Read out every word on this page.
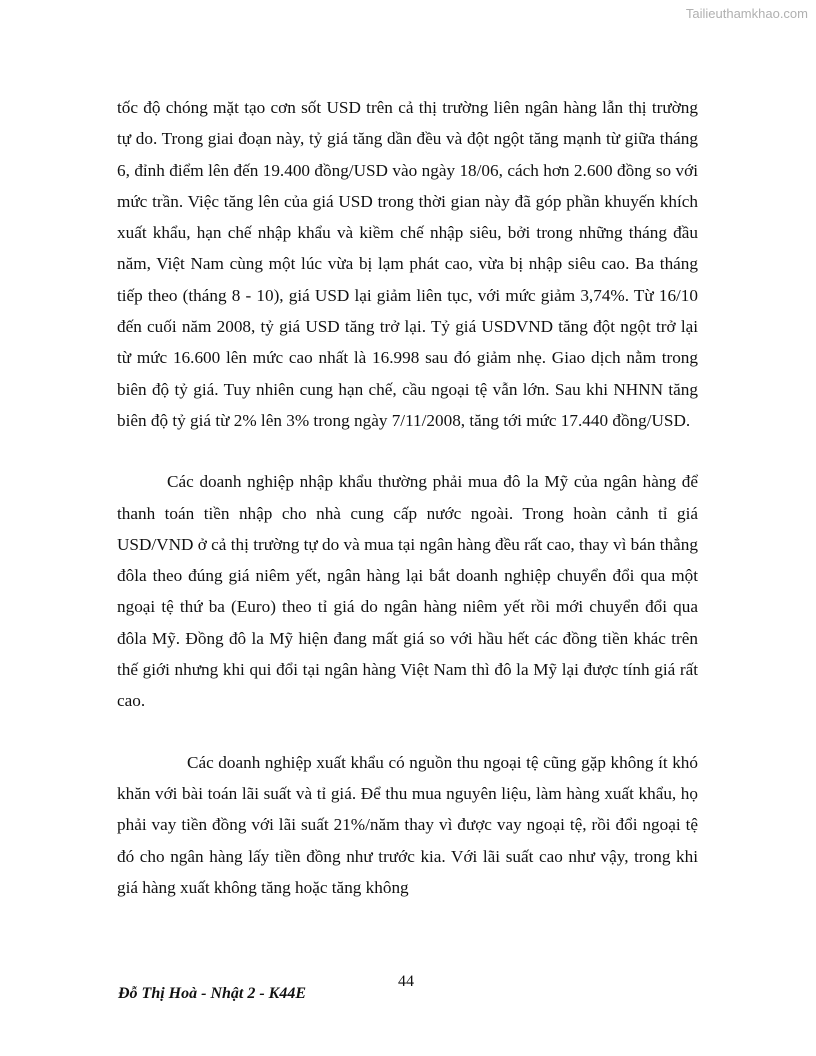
Tailieuthamkhao.com

tốc độ chóng mặt tạo cơn sốt USD trên cả thị trường liên ngân hàng lẫn thị trường tự do. Trong giai đoạn này, tỷ giá tăng dần đều và đột ngột tăng mạnh từ giữa tháng 6, đỉnh điểm lên đến 19.400 đồng/USD vào ngày 18/06, cách hơn 2.600 đồng so với mức trần. Việc tăng lên của giá USD trong thời gian này đã góp phần khuyến khích xuất khẩu, hạn chế nhập khẩu và kiềm chế nhập siêu, bởi trong những tháng đầu năm, Việt Nam cùng một lúc vừa bị lạm phát cao, vừa bị nhập siêu cao. Ba tháng tiếp theo (tháng 8 - 10), giá USD lại giảm liên tục, với mức giảm 3,74%. Từ 16/10 đến cuối năm 2008, tỷ giá USD tăng trở lại. Tỷ giá USDVND tăng đột ngột trở lại từ mức 16.600 lên mức cao nhất là 16.998 sau đó giảm nhẹ. Giao dịch nằm trong biên độ tỷ giá. Tuy nhiên cung hạn chế, cầu ngoại tệ vẫn lớn. Sau khi NHNN tăng biên độ tỷ giá từ 2% lên 3% trong ngày 7/11/2008, tăng tới mức 17.440 đồng/USD.

Các doanh nghiệp nhập khẩu thường phải mua đô la Mỹ của ngân hàng để thanh toán tiền nhập cho nhà cung cấp nước ngoài. Trong hoàn cảnh tỉ giá USD/VND ở cả thị trường tự do và mua tại ngân hàng đều rất cao, thay vì bán thẳng đôla theo đúng giá niêm yết, ngân hàng lại bắt doanh nghiệp chuyển đổi qua một ngoại tệ thứ ba (Euro) theo tỉ giá do ngân hàng niêm yết rồi mới chuyển đổi qua đôla Mỹ. Đồng đô la Mỹ hiện đang mất giá so với hầu hết các đồng tiền khác trên thế giới nhưng khi qui đổi tại ngân hàng Việt Nam thì đô la Mỹ lại được tính giá rất cao.

Các doanh nghiệp xuất khẩu có nguồn thu ngoại tệ cũng gặp không ít khó khăn với bài toán lãi suất và tỉ giá. Để thu mua nguyên liệu, làm hàng xuất khẩu, họ phải vay tiền đồng với lãi suất 21%/năm thay vì được vay ngoại tệ, rồi đổi ngoại tệ đó cho ngân hàng lấy tiền đồng như trước kia. Với lãi suất cao như vậy, trong khi giá hàng xuất không tăng hoặc tăng không

44
Đỗ Thị Hoà - Nhật 2 - K44E
